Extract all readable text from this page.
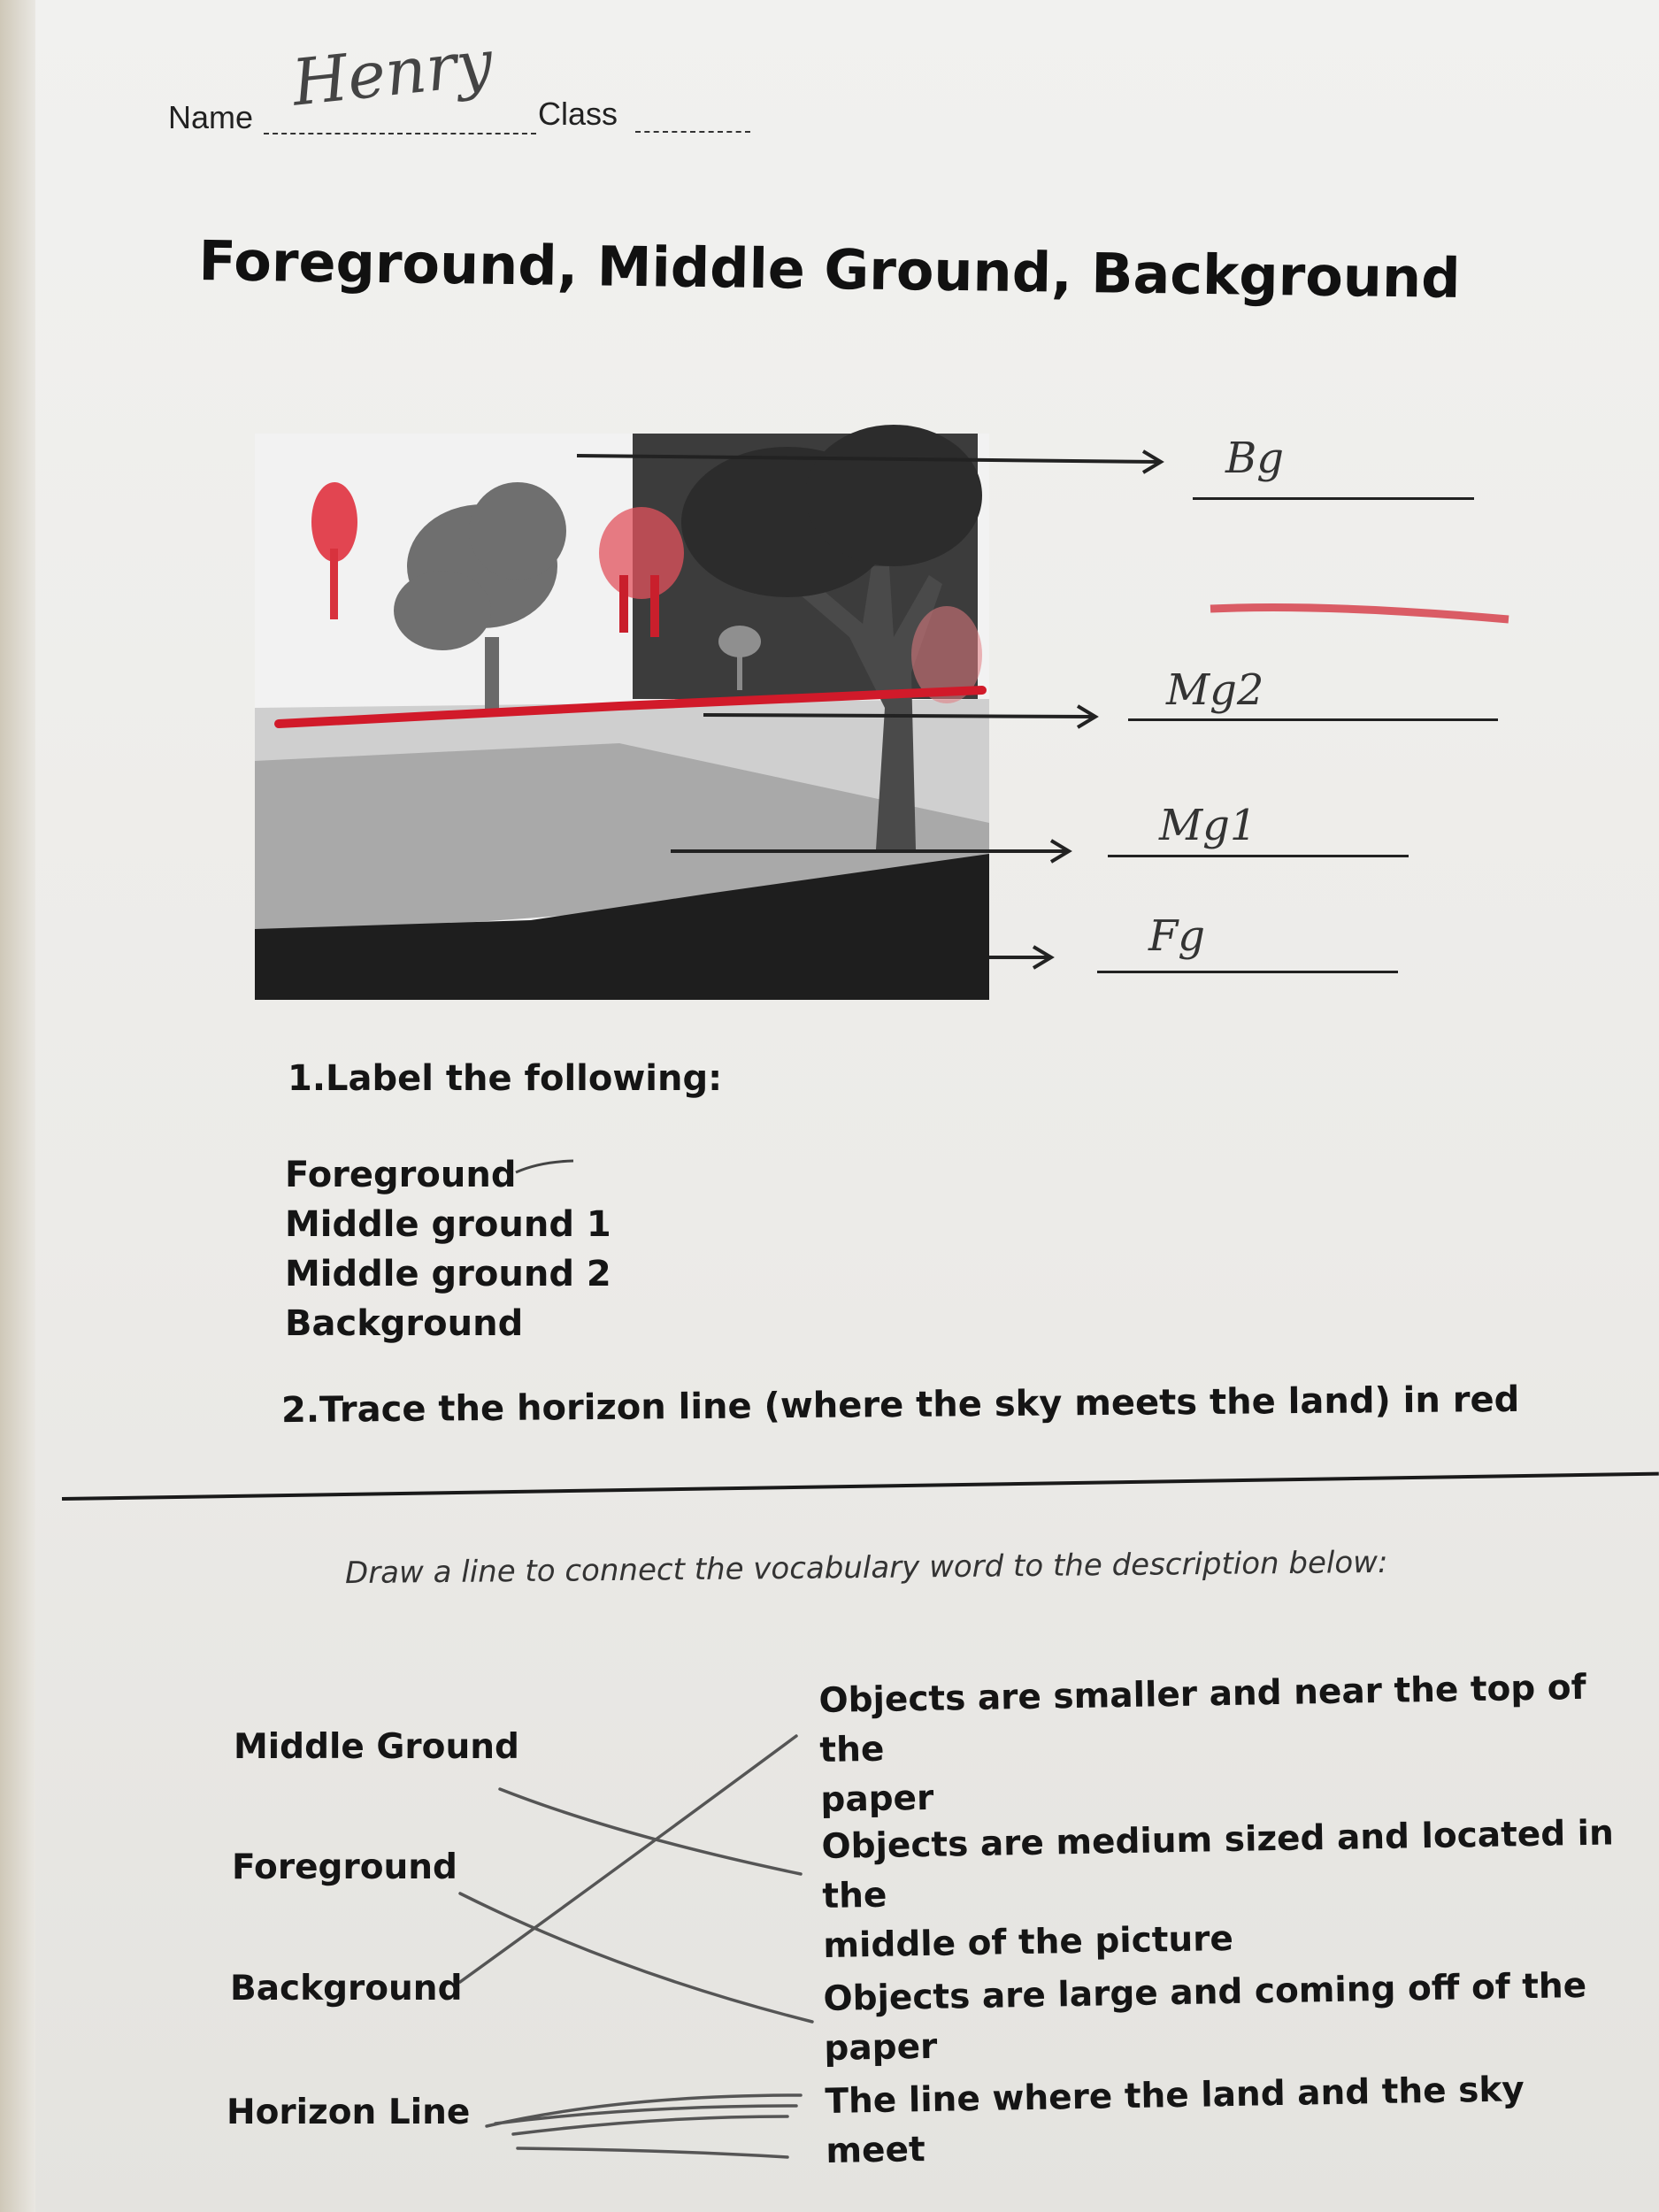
Name	Class
Henry
Foreground, Middle Ground, Background
Bg
Mg2
Mg1
Fg
1.Label the following:
Foreground
Middle ground 1
Middle ground 2
Background
2.Trace the horizon line (where the sky meets the land) in red
Draw a line to connect the vocabulary word to the description below:
Middle Ground
Foreground
Background
Horizon Line
Objects are smaller and near the top of the
paper
Objects are medium sized and located in the
middle of the picture
Objects are large and coming off of the paper
The line where the land and the sky meet
